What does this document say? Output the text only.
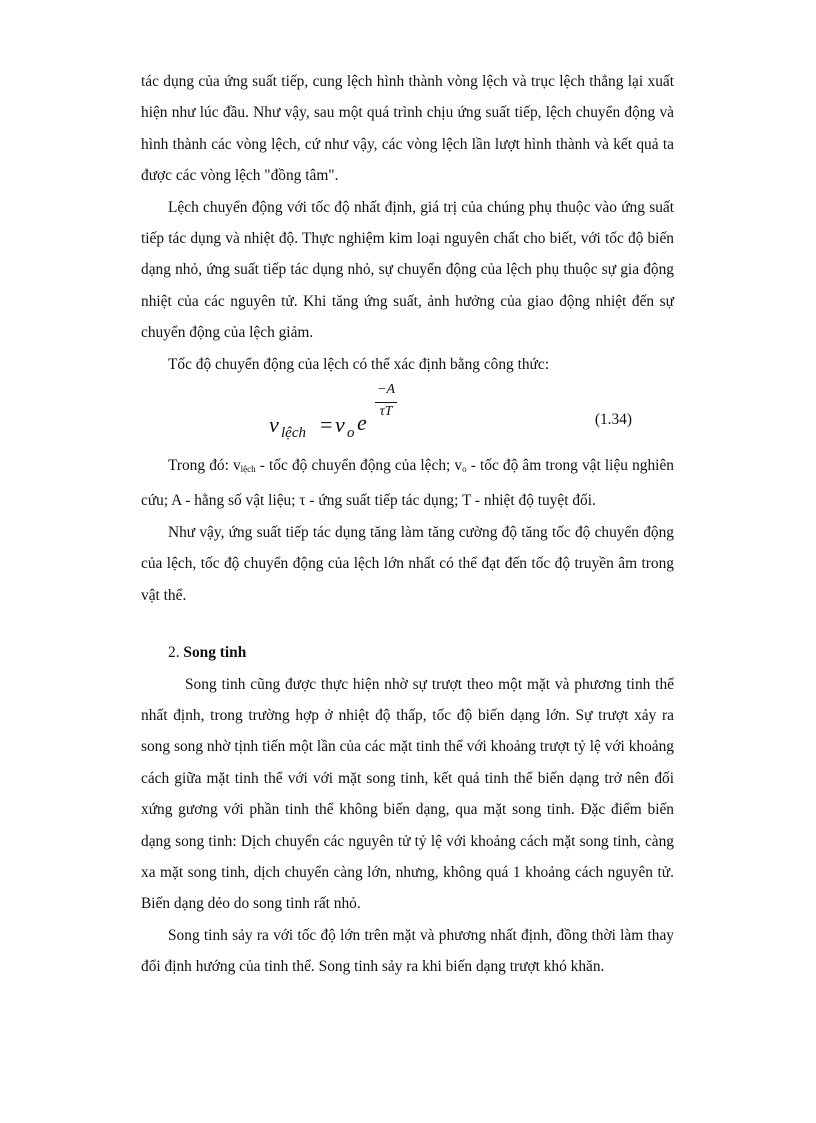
tác dụng của ứng suất tiếp, cung lệch hình thành vòng lệch và trục lệch thẳng lại xuất hiện như lúc đầu. Như vậy, sau một quá trình chịu ứng suất tiếp, lệch chuyển động và hình thành các vòng lệch, cứ như vậy, các vòng lệch lần lượt hình thành và kết quả ta được các vòng lệch "đồng tâm".

Lệch chuyển động với tốc độ nhất định, giá trị của chúng phụ thuộc vào ứng suất tiếp tác dụng và nhiệt độ. Thực nghiệm kim loại nguyên chất cho biết, với tốc độ biến dạng nhỏ, ứng suất tiếp tác dụng nhỏ, sự chuyển động của lệch phụ thuộc sự gia động nhiệt của các nguyên tử. Khi tăng ứng suất, ảnh hưởng của giao động nhiệt đến sự chuyển động của lệch giảm.

Tốc độ chuyển động của lệch có thể xác định bằng công thức:

v lệch = v o e
−A
τT	(1.34)

Trong đó: vlệch - tốc độ chuyển động của lệch; vo - tốc độ âm trong vật liệu nghiên cứu; A - hằng số vật liệu; τ - ứng suất tiếp tác dụng; T - nhiệt độ tuyệt đối.

Như vậy, ứng suất tiếp tác dụng tăng làm tăng cường độ tăng tốc độ chuyển động của lệch, tốc độ chuyển động của lệch lớn nhất có thể đạt đến tốc độ truyền âm trong vật thể.

2. Song tinh

Song tinh cũng được thực hiện nhờ sự trượt theo một mặt và phương tinh thể nhất định, trong trường hợp ở nhiệt độ thấp, tốc độ biến dạng lớn. Sự trượt xảy ra song song nhờ tịnh tiến một lần của các mặt tinh thể với khoảng trượt tỷ lệ với khoảng cách giữa mặt tinh thể với với mặt song tinh, kết quả tinh thể biến dạng trở nên đối xứng gương với phần tinh thể không biến dạng, qua mặt song tinh. Đặc điểm biến dạng song tinh: Dịch chuyển các nguyên tử tỷ lệ với khoảng cách mặt song tinh, càng xa mặt song tinh, dịch chuyển càng lớn, nhưng, không quá 1 khoảng cách nguyên tử. Biến dạng dẻo do song tinh rất nhỏ.

Song tinh sảy ra với tốc độ lớn trên mặt và phương nhất định, đồng thời làm thay đổi định hướng của tinh thể. Song tinh sảy ra khi biến dạng trượt khó khăn.
